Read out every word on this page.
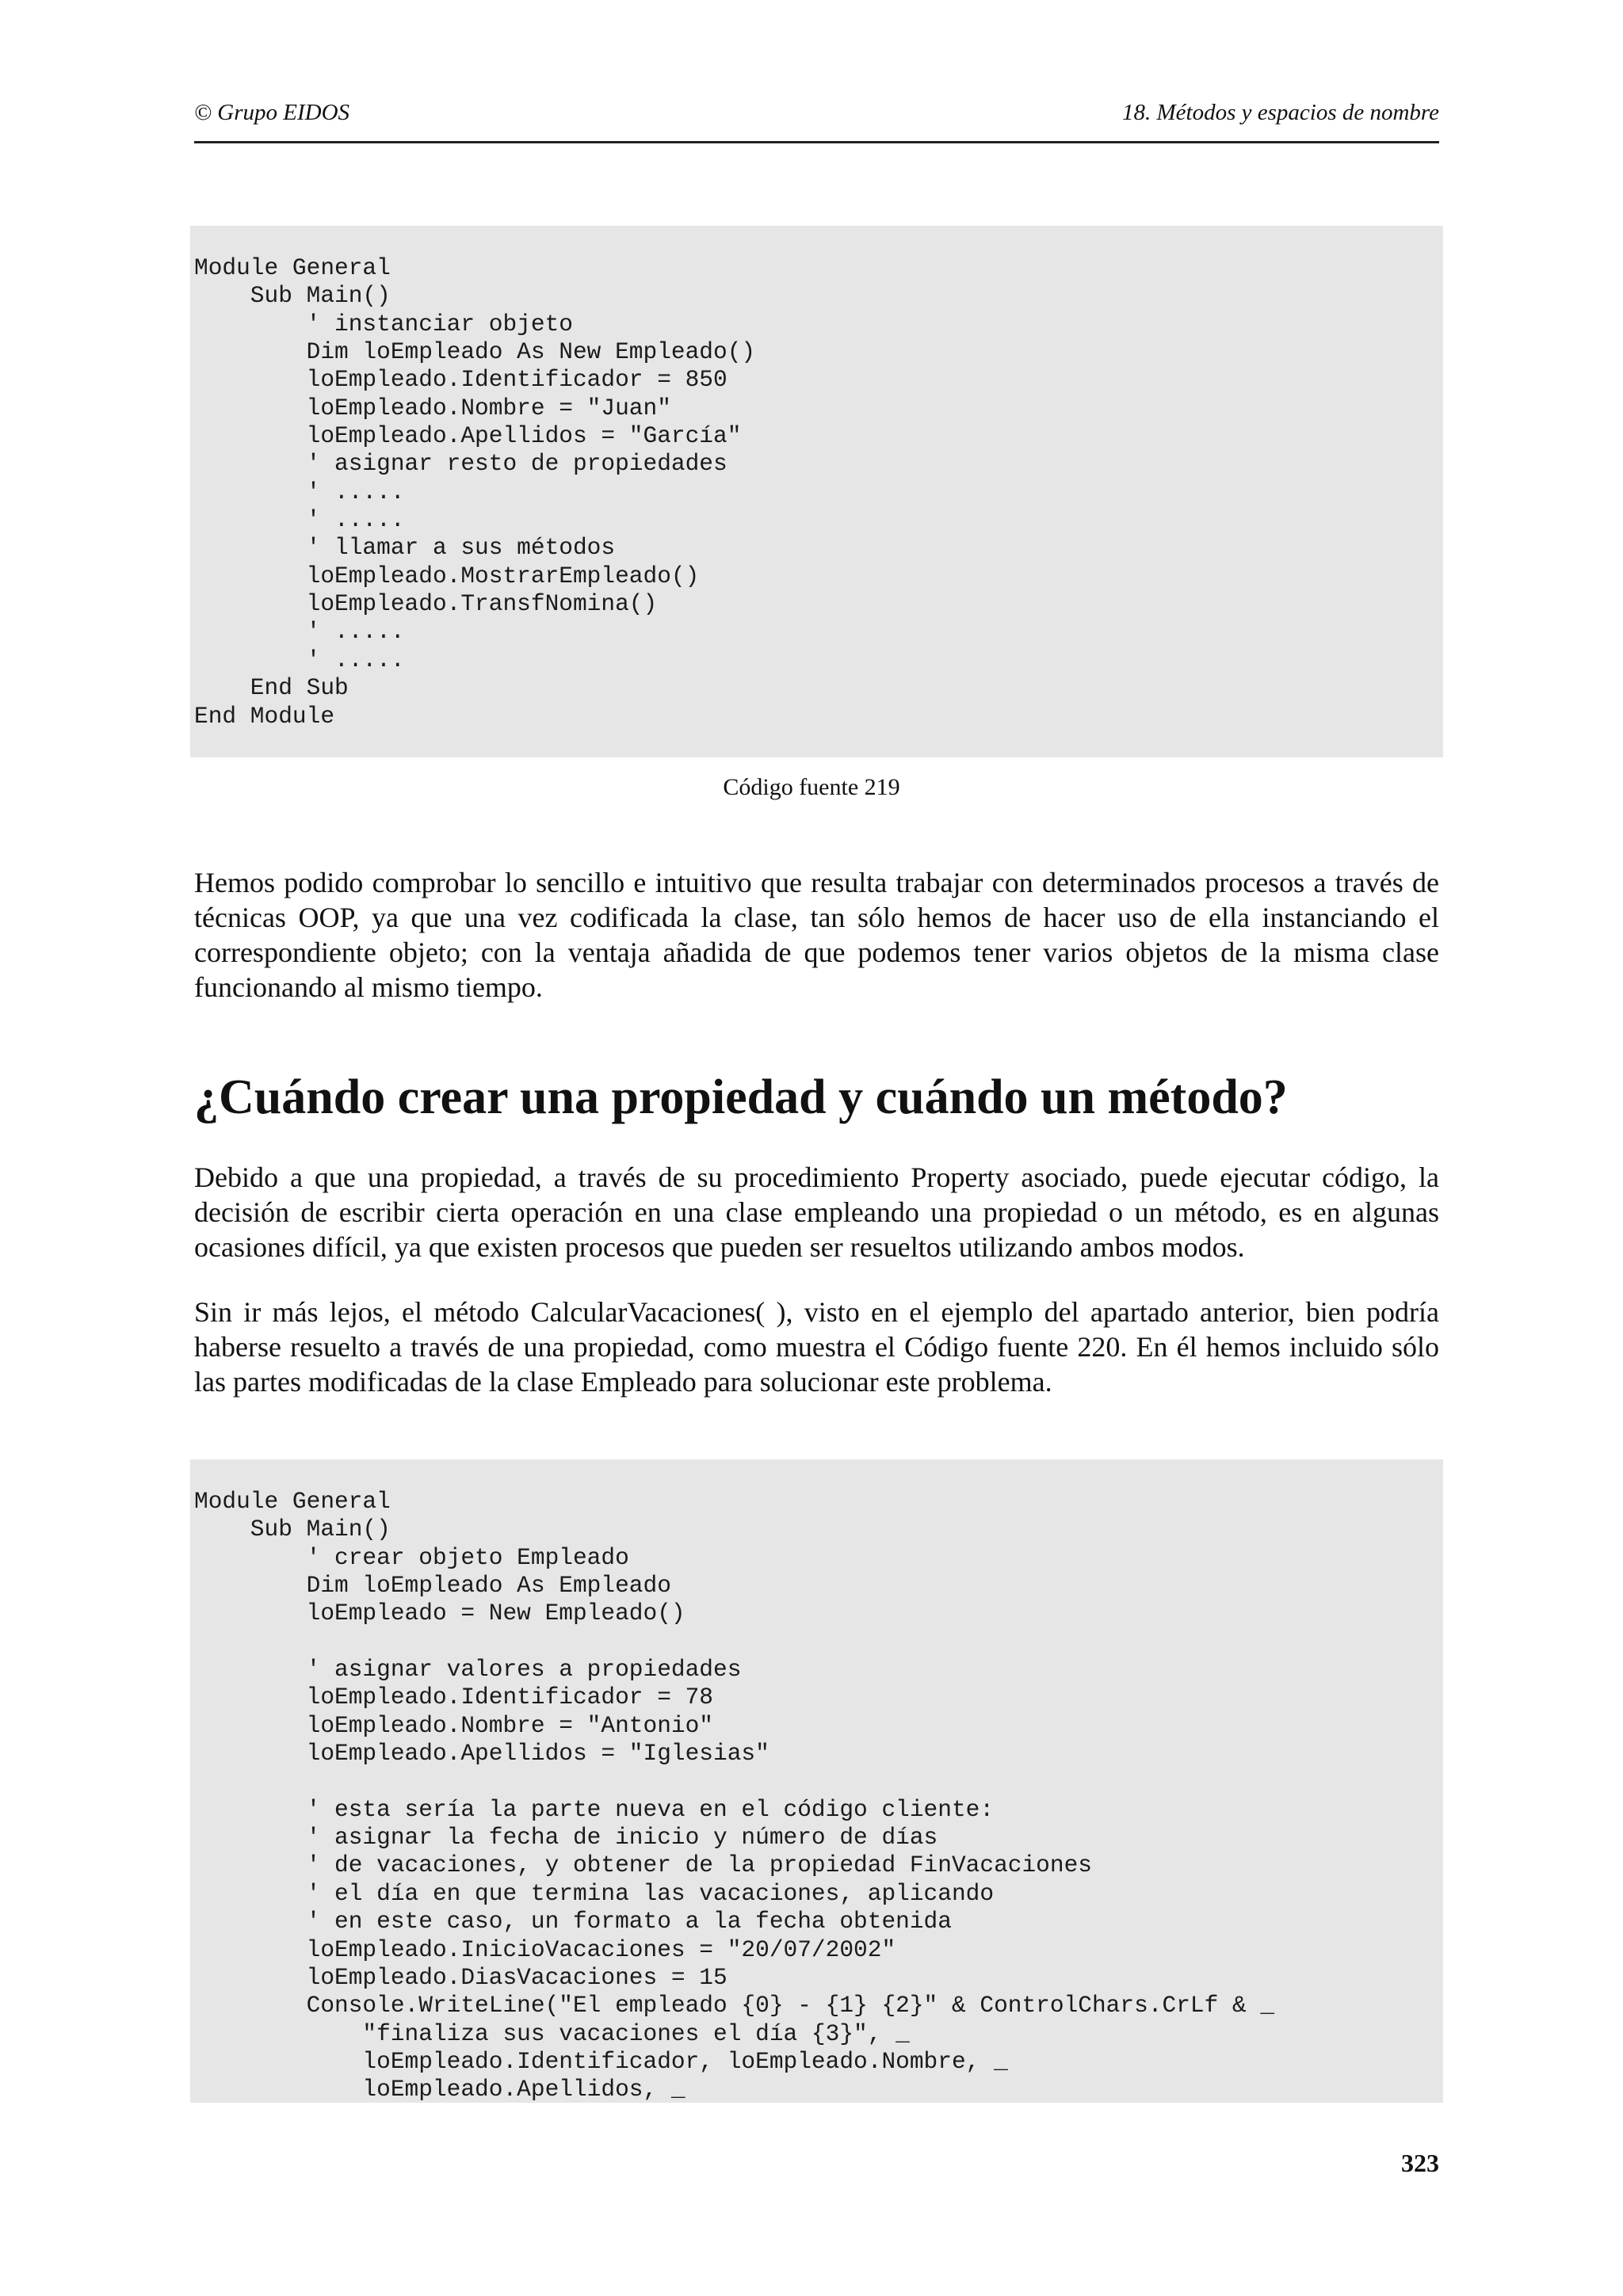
© Grupo EIDOS	18. Métodos y espacios de nombre
Module General
Sub Main()
' instanciar objeto
Dim loEmpleado As New Empleado()
loEmpleado.Identificador = 850
loEmpleado.Nombre = "Juan"
loEmpleado.Apellidos = "García"
' asignar resto de propiedades
' .....
' .....
' llamar a sus métodos
loEmpleado.MostrarEmpleado()
loEmpleado.TransfNomina()
' .....
' .....
End Sub
End Module
Código fuente 219

Hemos podido comprobar lo sencillo e intuitivo que resulta trabajar con determinados procesos a través de técnicas OOP, ya que una vez codificada la clase, tan sólo hemos de hacer uso de ella instanciando el correspondiente objeto; con la ventaja añadida de que podemos tener varios objetos de la misma clase funcionando al mismo tiempo.

¿Cuándo crear una propiedad y cuándo un método?

Debido a que una propiedad, a través de su procedimiento Property asociado, puede ejecutar código, la decisión de escribir cierta operación en una clase empleando una propiedad o un método, es en algunas ocasiones difícil, ya que existen procesos que pueden ser resueltos utilizando ambos modos.

Sin ir más lejos, el método CalcularVacaciones( ), visto en el ejemplo del apartado anterior, bien podría haberse resuelto a través de una propiedad, como muestra el Código fuente 220. En él hemos incluido sólo las partes modificadas de la clase Empleado para solucionar este problema.

Module General
Sub Main()
' crear objeto Empleado
Dim loEmpleado As Empleado
loEmpleado = New Empleado()
' asignar valores a propiedades
loEmpleado.Identificador = 78
loEmpleado.Nombre = "Antonio"
loEmpleado.Apellidos = "Iglesias"
' esta sería la parte nueva en el código cliente:
' asignar la fecha de inicio y número de días
' de vacaciones, y obtener de la propiedad FinVacaciones
' el día en que termina las vacaciones, aplicando
' en este caso, un formato a la fecha obtenida
loEmpleado.InicioVacaciones = "20/07/2002"
loEmpleado.DiasVacaciones = 15
Console.WriteLine("El empleado {0} - {1} {2}" & ControlChars.CrLf & _
"finaliza sus vacaciones el día {3}", _
loEmpleado.Identificador, loEmpleado.Nombre, _
loEmpleado.Apellidos, _
323
